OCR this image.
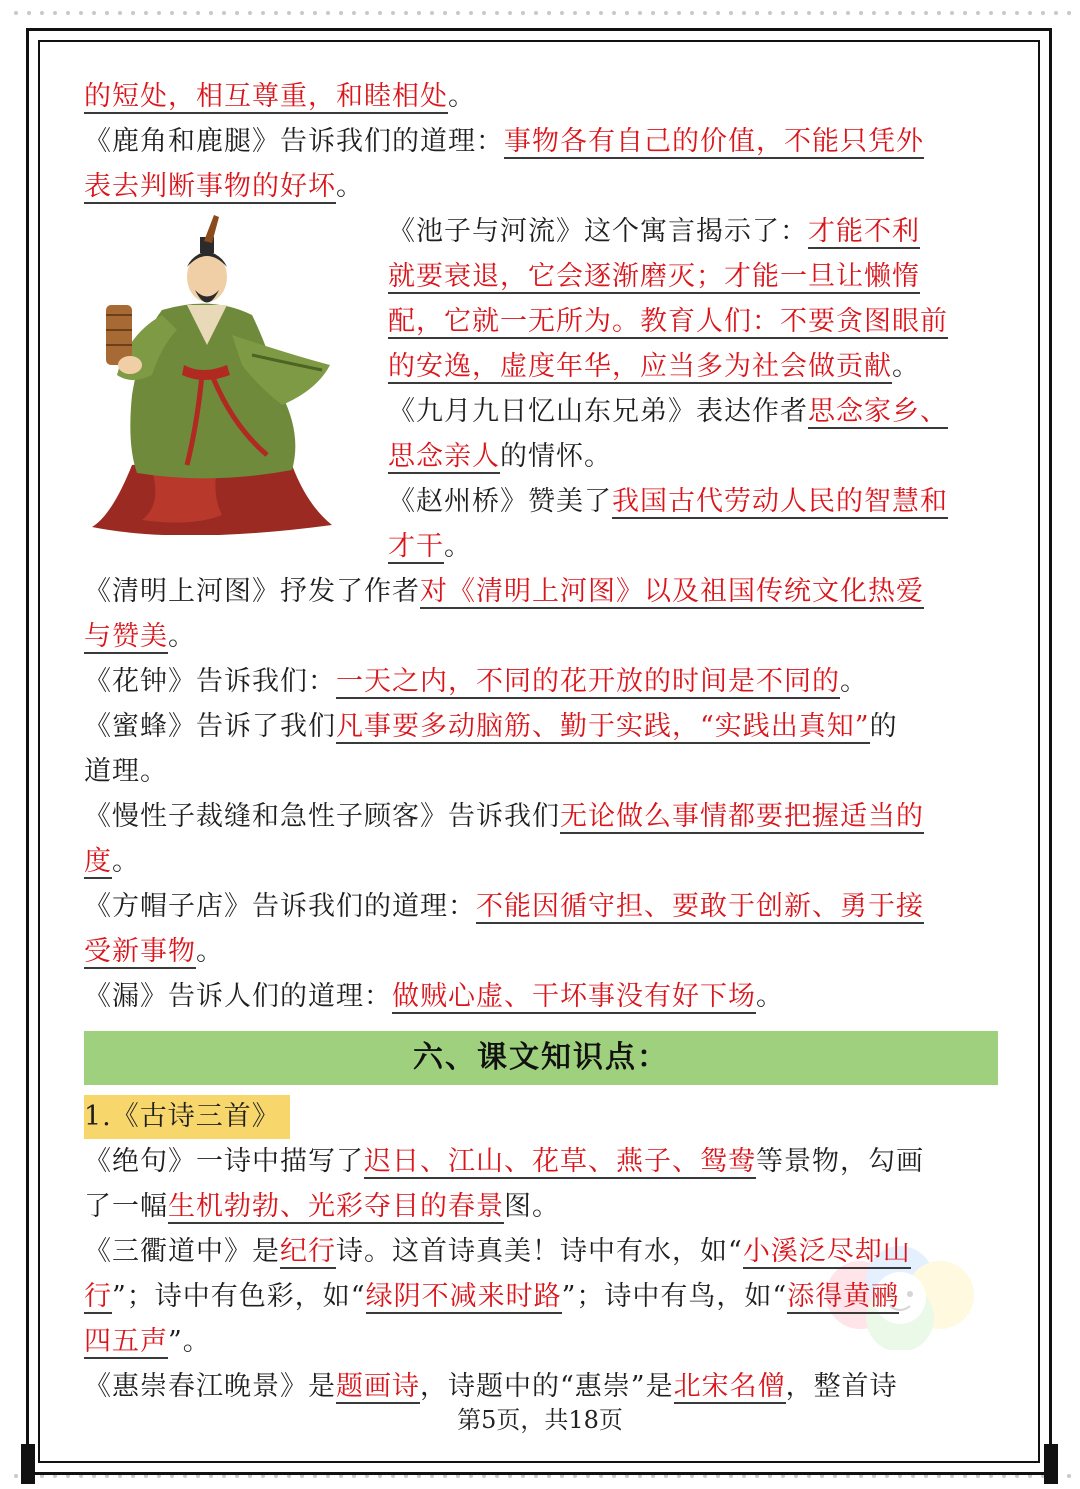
的短处，相互尊重，和睦相处。
《鹿角和鹿腿》告诉我们的道理：事物各有自己的价值，不能只凭外
表去判断事物的好坏。
《池子与河流》这个寓言揭示了：才能不利
就要衰退，它会逐渐磨灭；才能一旦让懒惰
配，它就一无所为。教育人们：不要贪图眼前
的安逸，虚度年华，应当多为社会做贡献。
《九月九日忆山东兄弟》表达作者思念家乡、
思念亲人的情怀。
《赵州桥》赞美了我国古代劳动人民的智慧和
才干。
《清明上河图》抒发了作者对《清明上河图》以及祖国传统文化热爱
与赞美。
《花钟》告诉我们：一天之内，不同的花开放的时间是不同的。
《蜜蜂》告诉了我们凡事要多动脑筋、勤于实践，“实践出真知”的
道理。
《慢性子裁缝和急性子顾客》告诉我们无论做么事情都要把握适当的
度。
《方帽子店》告诉我们的道理：不能因循守担、要敢于创新、勇于接
受新事物。
《漏》告诉人们的道理：做贼心虚、干坏事没有好下场。
六、课文知识点：
1.《古诗三首》
《绝句》一诗中描写了迟日、江山、花草、燕子、鸳鸯等景物，勾画
了一幅生机勃勃、光彩夺目的春景图。
《三衢道中》是纪行诗。这首诗真美！诗中有水，如“小溪泛尽却山
行”；诗中有色彩，如“绿阴不减来时路”；诗中有鸟，如“添得黄鹂
四五声”。
《惠崇春江晚景》是题画诗，诗题中的“惠崇”是北宋名僧，整首诗
第5页，共18页
